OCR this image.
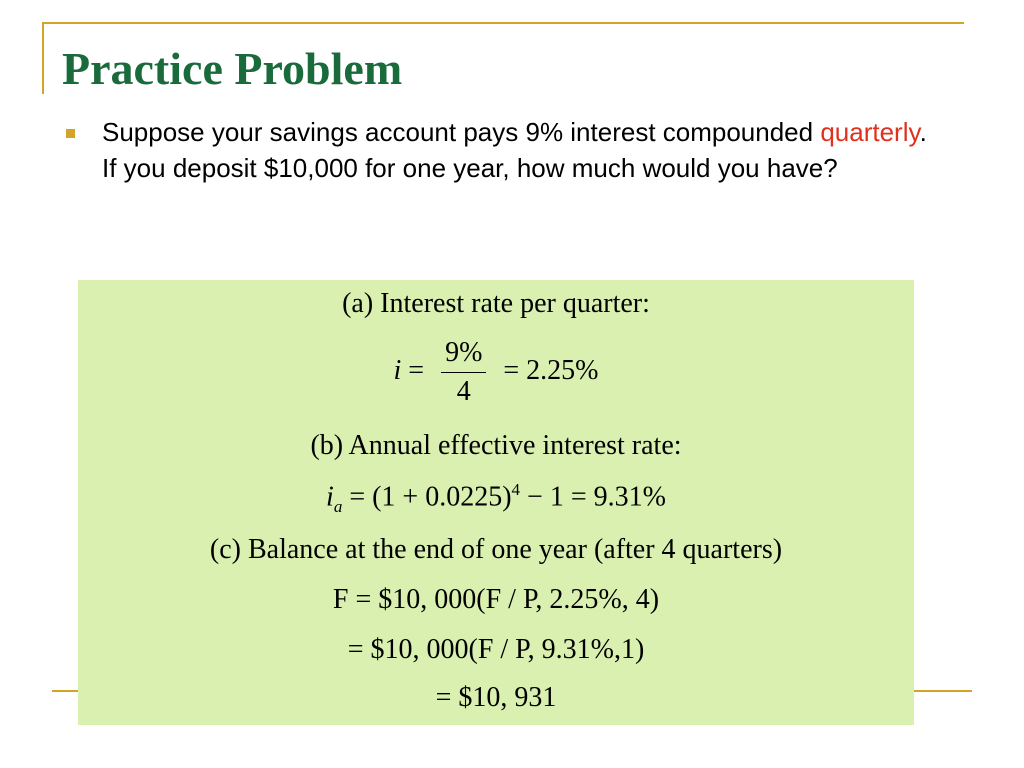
Practice Problem
Suppose your savings account pays 9% interest compounded quarterly. If you deposit $10,000 for one year, how much would you have?
(a) Interest rate per quarter:
$i = \frac{9\%}{4} = 2.25\%$
(b) Annual effective interest rate:
$i_a = (1 + 0.0225)^4 - 1 = 9.31\%$
(c) Balance at the end of one year (after 4 quarters)
F = $10, 000(F / P, 2.25%, 4)
= $10, 000(F / P, 9.31%,1)
= $10, 931
